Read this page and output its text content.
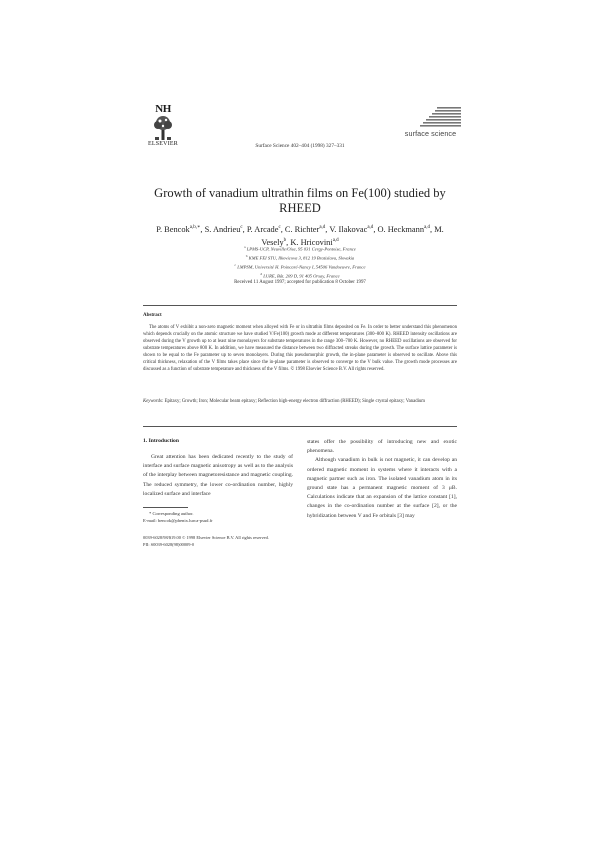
NH
ELSEVIER
surface science
Surface Science 402–404 (1998) 327–331
Growth of vanadium ultrathin films on Fe(100) studied by RHEED
P. Bencok$^{a,b,∗}$, S. Andrieu$^c$, P. Arcade$^c$, C. Richter$^{a,d}$, V. Ilakovac$^{a,d}$, O. Heckmann$^{a,d}$, M. Vesely$^b$, K. Hricovini$^{a,d}$
$^a$ LPMS-UCP, Neuville/Oise, 95 031 Cergy-Pontoise, France
$^b$ KME FEI STU, Ilkovicova 3, 812 19 Bratislava, Slovakia
$^c$ LMPSM, Université H. Poincaré-Nancy I, 54506 Vandoeuvre, France
$^d$ LURE, Bât. 209 D, 91 405 Orsay, France
Received 11 August 1997; accepted for publication 8 October 1997
Abstract
The atoms of V exhibit a non-zero magnetic moment when alloyed with Fe or in ultrathin films deposited on Fe. In order to better understand this phenomenon which depends crucially on the atomic structure we have studied V/Fe(100) growth mode at different temperatures (300–800 K). RHEED intensity oscillations are observed during the V growth up to at least nine monolayers for substrate temperatures in the range 300–700 K. However, no RHEED oscillations are observed for substrate temperatures above 800 K. In addition, we have measured the distance between two diffracted streaks during the growth. The surface lattice parameter is shown to be equal to the Fe parameter up to seven monolayers. During this pseudomorphic growth, the in-plane parameter is observed to oscillate. Above this critical thickness, relaxation of the V films takes place since the in-plane parameter is observed to converge to the V bulk value. The growth mode processes are discussed as a function of substrate temperature and thickness of the V films. © 1998 Elsevier Science B.V. All rights reserved.
Keywords: Epitaxy; Growth; Iron; Molecular beam epitaxy; Reflection high-energy electron diffraction (RHEED); Single crystal epitaxy; Vanadium
1. Introduction
Great attention has been dedicated recently to the study of interface and surface magnetic anisotropy as well as to the analysis of the interplay between magnetoresistance and magnetic coupling. The reduced symmetry, the lower co-ordination number, highly localized surface and interface

states offer the possibility of introducing new and exotic phenomena.

Although vanadium in bulk is not magnetic, it can develop an ordered magnetic moment in systems where it interacts with a magnetic partner such as iron. The isolated vanadium atom in its ground state has a permanent magnetic moment of 3 μB. Calculations indicate that an expansion of the lattice constant [1], changes in the co-ordination number at the surface [2], or the hybridization between V and Fe orbitals [3] may

* Corresponding author.
E-mail: bencok@phenix.lurca-psud.fr
0039-6028/98/$19.00 © 1998 Elsevier Science B.V. All rights reserved.
PII: S0039-6028(98)00009-0
